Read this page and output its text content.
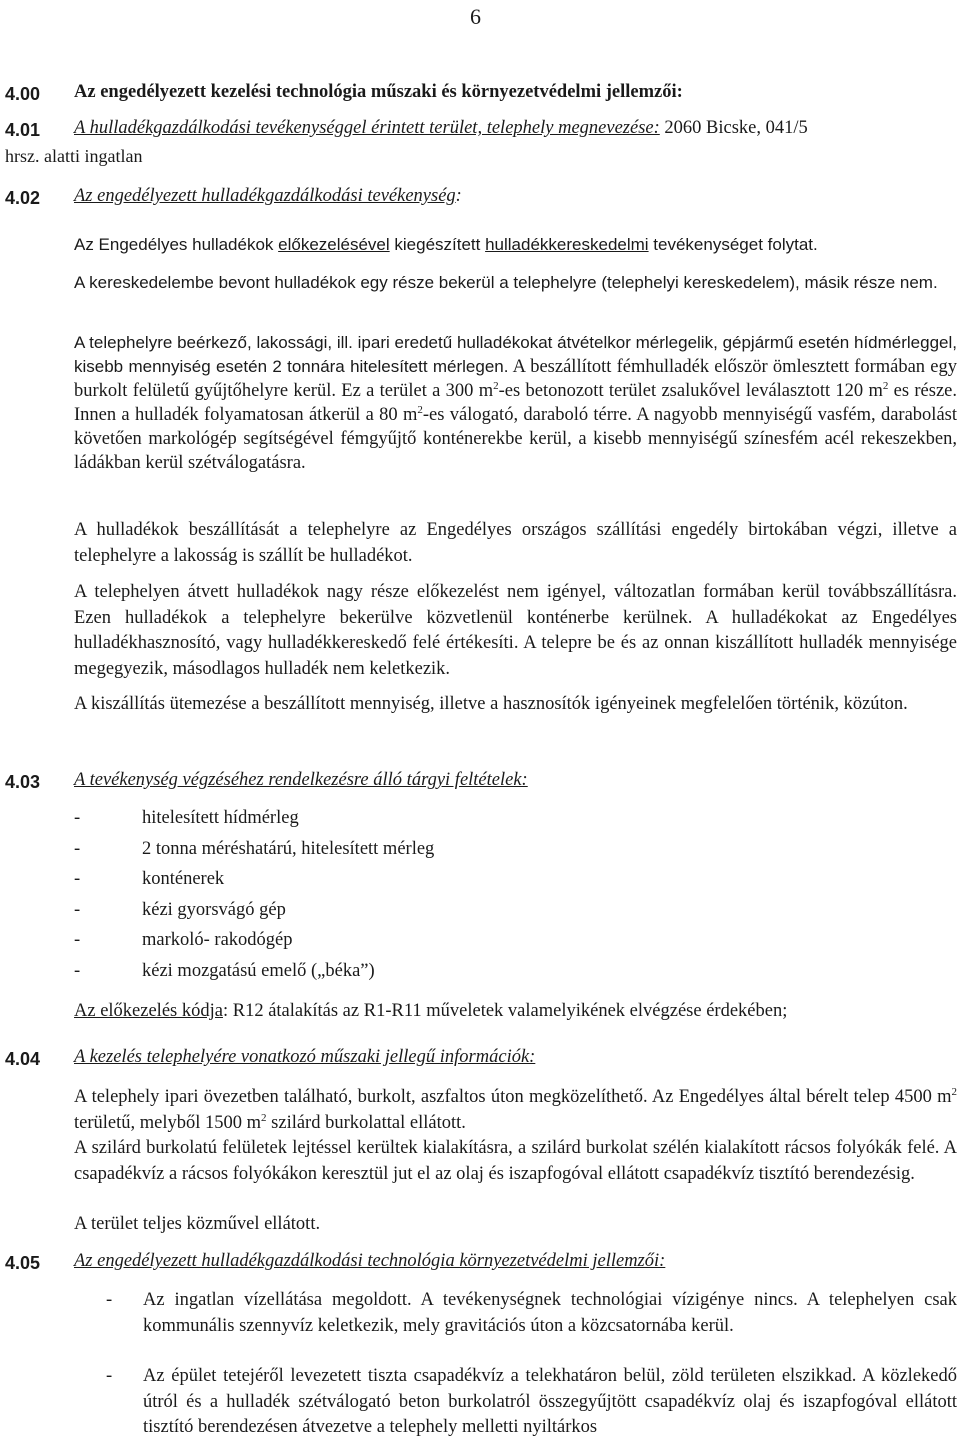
6
4.00 Az engedélyezett kezelési technológia műszaki és környezetvédelmi jellemzői:
4.01 A hulladékgazdálkodási tevékenységgel érintett terület, telephely megnevezése: 2060 Bicske, 041/5
hrsz. alatti ingatlan
4.02 Az engedélyezett hulladékgazdálkodási tevékenység:

Az Engedélyes hulladékok előkezelésével kiegészített hulladékkereskedelmi tevékenységet folytat.

A kereskedelembe bevont hulladékok egy része bekerül a telephelyre (telephelyi kereskedelem), másik része nem.

A telephelyre beérkező, lakossági, ill. ipari eredetű hulladékokat átvételkor mérlegelik, gépjármű esetén hídmérleggel, kisebb mennyiség esetén 2 tonnára hitelesített mérlegen. A beszállított fémhulladék először ömlesztett formában egy burkolt felületű gyűjtőhelyre kerül. Ez a terület a 300 $m^2-es$ betonozott terület zsalukővel leválasztott 120 $m^2$ es része. Innen a hulladék folyamatosan átkerül a 80 $m^2-es$ válogató, daraboló térre. A nagyobb mennyiségű vasfém, darabolást követően markológép segítségével fémgyűjtő konténerekbe kerül, a kisebb mennyiségű színesfém acél rekeszekben, ládákban kerül szétválogatásra.

A hulladékok beszállítását a telephelyre az Engedélyes országos szállítási engedély birtokában végzi, illetve a telephelyre a lakosság is szállít be hulladékot.

A telephelyen átvett hulladékok nagy része előkezelést nem igényel, változatlan formában kerül továbbszállításra. Ezen hulladékok a telephelyre bekerülve közvetlenül konténerbe kerülnek. A hulladékokat az Engedélyes hulladékhasznosító, vagy hulladékkereskedő felé értékesíti. A telepre be és az onnan kiszállított hulladék mennyisége megegyezik, másodlagos hulladék nem keletkezik.

A kiszállítás ütemezése a beszállított mennyiség, illetve a hasznosítók igényeinek megfelelően történik, közúton.

4.03 A tevékenység végzéséhez rendelkezésre álló tárgyi feltételek:
-	hitelesített hídmérleg
-	2 tonna méréshatárú, hitelesített mérleg
-	konténerek
-	kézi gyorsvágó gép
-	markoló- rakodógép
-	kézi mozgatású emelő („béka”)
Az előkezelés kódja: R12 átalakítás az R1-R11 műveletek valamelyikének elvégzése érdekében;
4.04 A kezelés telephelyére vonatkozó műszaki jellegű információk:

A telephely ipari övezetben található, burkolt, aszfaltos úton megközelíthető. Az Engedélyes által bérelt telep 4500 $m^2$ területű, melyből 1500 $m^2$ szilárd burkolattal ellátott.

A szilárd burkolatú felületek lejtéssel kerültek kialakításra, a szilárd burkolat szélén kialakított rácsos folyókák felé. A csapadékvíz a rácsos folyókákon keresztül jut el az olaj és iszapfogóval ellátott csapadékvíz tisztító berendezésig.

A terület teljes közművel ellátott.

4.05 Az engedélyezett hulladékgazdálkodási technológia környezetvédelmi jellemzői:
- Az ingatlan vízellátása megoldott. A tevékenységnek technológiai vízigénye nincs. A telephelyen csak kommunális szennyvíz keletkezik, mely gravitációs úton a közcsatornába kerül.
- Az épület tetejéről levezetett tiszta csapadékvíz a telekhatáron belül, zöld területen elszikkad. A közlekedő útról és a hulladék szétválogató beton burkolatról összegyűjtött csapadékvíz olaj és iszapfogóval ellátott tisztító berendezésen átvezetve a telephely melletti nyiltárkos
